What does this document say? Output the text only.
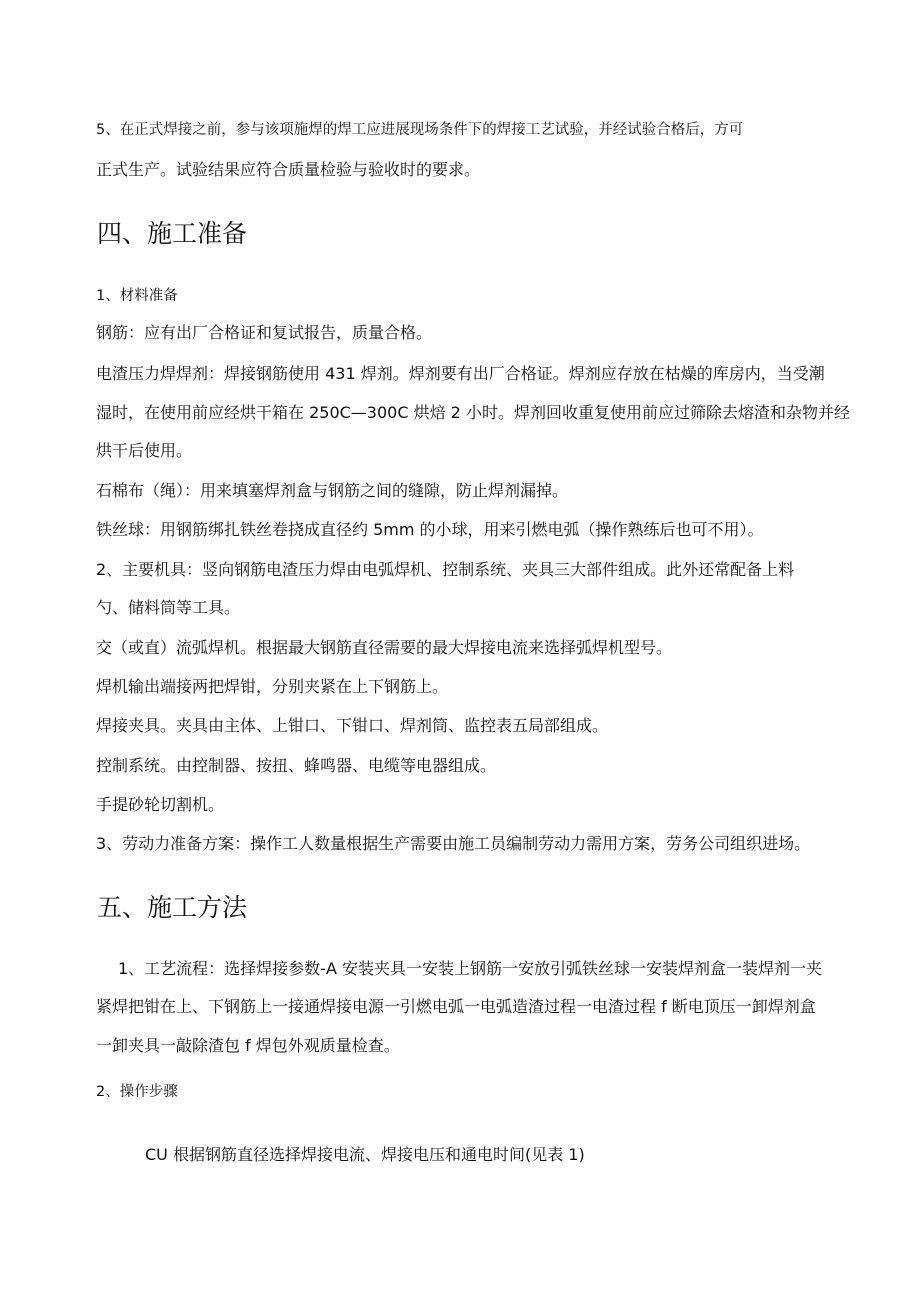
5、在正式焊接之前，参与该项施焊的焊工应进展现场条件下的焊接工艺试验，并经试验合格后，方可

正式生产。试验结果应符合质量检验与验收时的要求。

四、施工准备

1、材料准备

钢筋：应有出厂合格证和复试报告，质量合格。

电渣压力焊焊剂：焊接钢筋使用 431 焊剂。焊剂要有出厂合格证。焊剂应存放在枯燥的库房内，当受潮

湿时，在使用前应经烘干箱在 250C—300C 烘焙 2 小时。焊剂回收重复使用前应过筛除去熔渣和杂物并经

烘干后使用。

石棉布（绳）：用来填塞焊剂盒与钢筋之间的缝隙，防止焊剂漏掉。

铁丝球：用钢筋绑扎铁丝卷挠成直径约 5mm 的小球，用来引燃电弧（操作熟练后也可不用）。

2、主要机具：竖向钢筋电渣压力焊由电弧焊机、控制系统、夹具三大部件组成。此外还常配备上料

勺、储料筒等工具。

交（或直）流弧焊机。根据最大钢筋直径需要的最大焊接电流来选择弧焊机型号。

焊机输出端接两把焊钳，分别夹紧在上下钢筋上。

焊接夹具。夹具由主体、上钳口、下钳口、焊剂筒、监控表五局部组成。

控制系统。由控制器、按扭、蜂鸣器、电缆等电器组成。

手提砂轮切割机。

3、劳动力准备方案：操作工人数量根据生产需要由施工员编制劳动力需用方案，劳务公司组织进场。

五、施工方法

1、工艺流程：选择焊接参数-A 安装夹具一安装上钢筋一安放引弧铁丝球一安装焊剂盒一装焊剂一夹

紧焊把钳在上、下钢筋上一接通焊接电源一引燃电弧一电弧造渣过程一电渣过程 f 断电顶压一卸焊剂盒

一卸夹具一敲除渣包 f 焊包外观质量检查。

2、操作步骤

CU 根据钢筋直径选择焊接电流、焊接电压和通电时间(见表 1)
